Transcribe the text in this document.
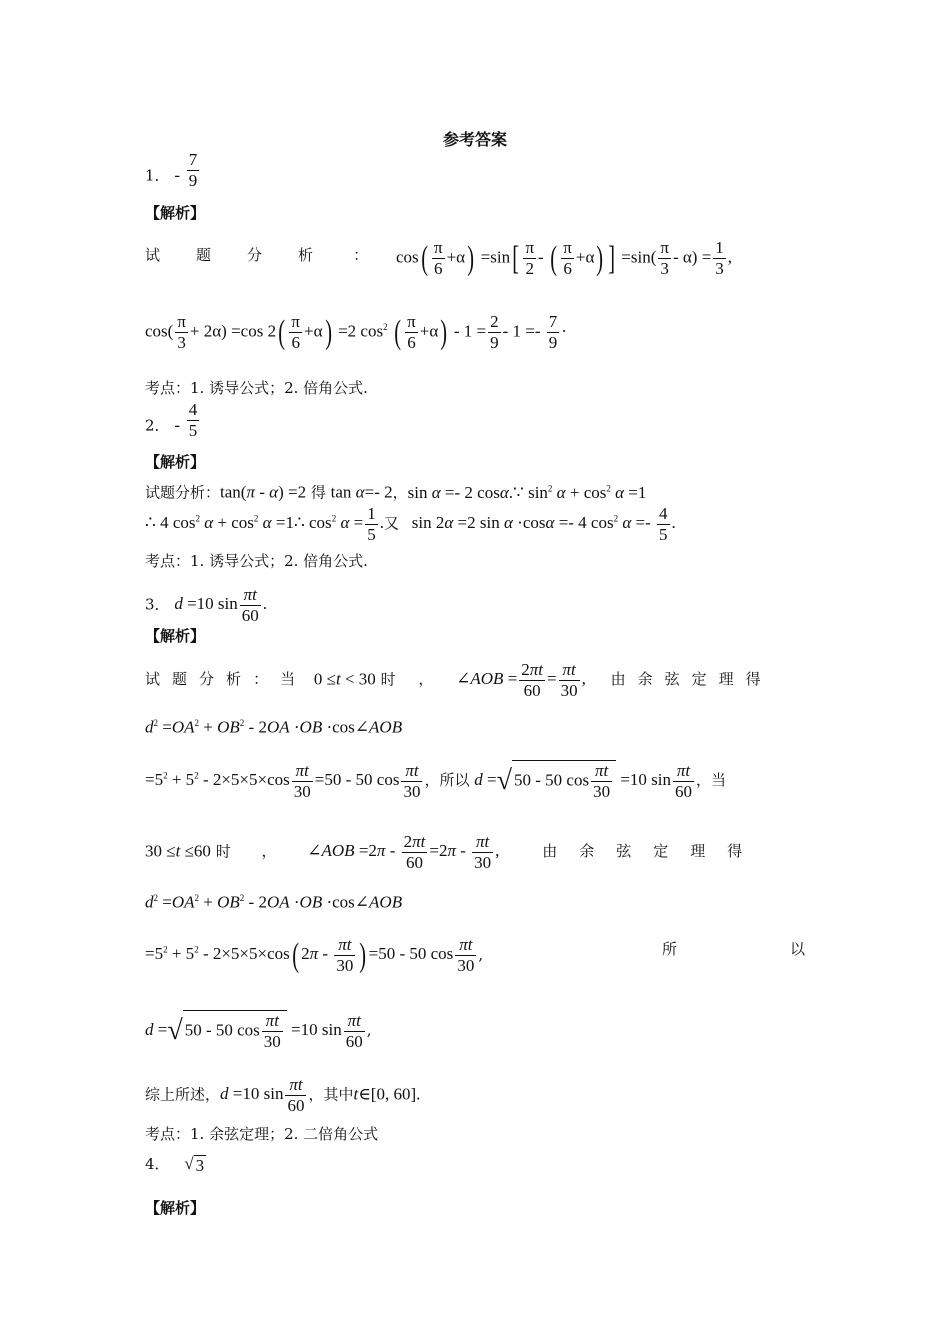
参考答案
1． - $\frac{7}{9}$
【解析】
试 题 分 析	：	$\cos( \frac{\pi}{6} +\alpha) =\sin[ \frac{\pi}{2}$ - ( $\frac{\pi}{6} +\alpha$) ] $=\sin( \frac{\pi}{3} - \alpha) = \frac{1}{3}$ ,
$\cos( \frac{\pi}{3} + 2\alpha) =\cos$ $2( \frac{\pi}{6} +\alpha) =2$ $\cos^2$ ( $\frac{\pi}{6} +\alpha) - 1 = \frac{2}{9} - 1 =- \frac{7}{9}$ ·
考点：1. 诱导公式；2. 倍角公式.
2． - $\frac{4}{5}$
【解析】
试题分析：tan(π - α) =2 得 tan α=- 2，sin α =- 2 cosα.∵ $\sin^2 \alpha + \cos^2 \alpha =1$
∴ 4 $\cos^2 \alpha + \cos^2 \alpha$ =1∴ $\cos^2 \alpha = \frac{1}{5}$ .又 sin 2α =2 sin α ·cosα =- 4 $\cos^2 \alpha =- \frac{4}{5}$ .
考点：1. 诱导公式；2. 倍角公式.
3． d =10 $\sin \frac{\pi t}{60}$ .
【解析】
试 题 分 析 ： 当 0 ≤t < 30 时 ， ∠AOB = $\frac{2\pi t}{60} = \frac{\pi t}{30}$ , 由余弦定理得
$d^2 =OA^2 + OB^2 - 2OA \cdot OB$ ·cos∠AOB
$=5^2 + 5^2 - 2\times 5\times 5\times\cos \frac{\pi t}{30} =50 - 50$ $\cos \frac{\pi t}{30}$ ，所以 d =√ 50 - 50 $\cos \frac{\pi t}{30} =10$ $\sin \frac{\pi t}{60}$ ，当
30 ≤t ≤60 时 ， ∠AOB $=2\pi - \frac{2\pi t}{60} =2\pi - \frac{\pi t}{30}$ ,	由余弦定理得
$d^2 =OA^2 + OB^2 - 2OA \cdot OB$ ·cos∠AOB
$=5^2 + 5^2 - 2\times 5\times 5\times\cos$( $2\pi - \frac{\pi t}{30}$ ) =50 - 50 $\cos \frac{\pi t}{30}$ ,	所	以
d =√ 50 - 50 $\cos \frac{\pi t}{30} =10$ $\sin \frac{\pi t}{60}$ ,
综上所述，d =10 $\sin \frac{\pi t}{60}$ ，其中t∈[0, 60].
考点：1. 余弦定理；2. 二倍角公式
4． √ 3
【解析】
